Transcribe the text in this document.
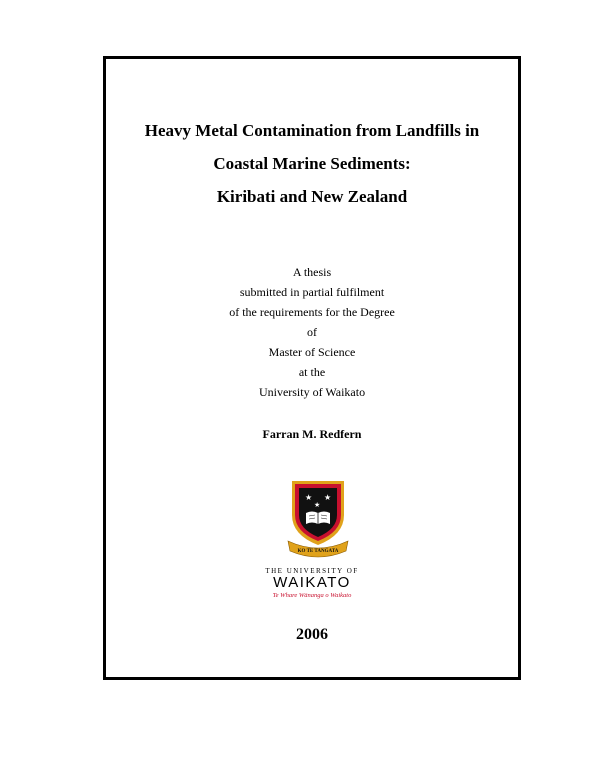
Heavy Metal Contamination from Landfills in
Coastal Marine Sediments:
Kiribati and New Zealand
A thesis
submitted in partial fulfilment
of the requirements for the Degree
of
Master of Science
at the
University of Waikato
Farran M. Redfern
★ ★
★
KO TE TANGATA
THE UNIVERSITY OF
WAIKATO
Te Whare Wānanga o Waikato
2006
